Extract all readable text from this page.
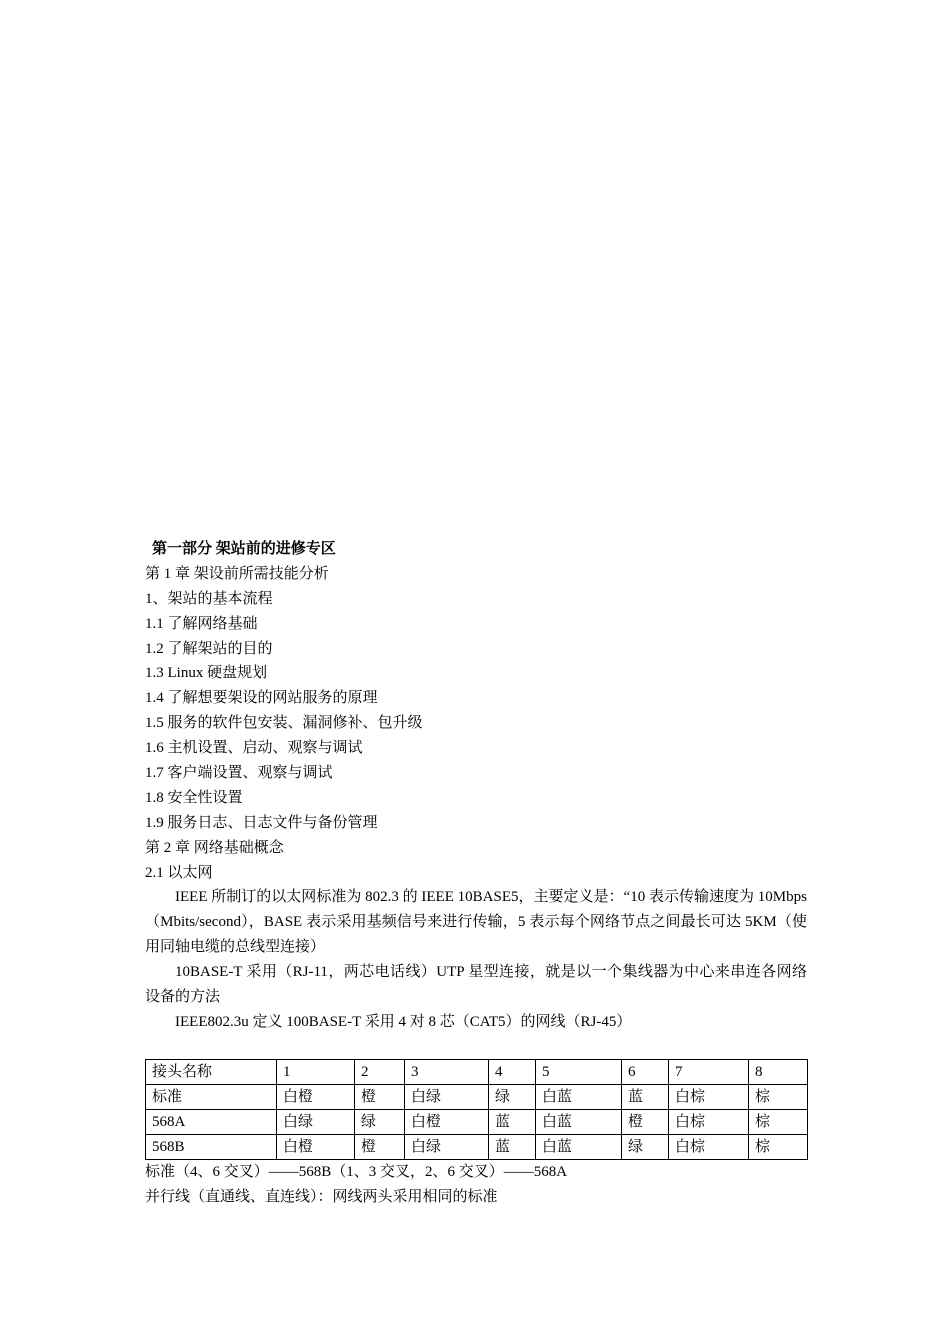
第一部分 架站前的进修专区
第 1 章 架设前所需技能分析
1、架站的基本流程
1.1 了解网络基础
1.2 了解架站的目的
1.3 Linux 硬盘规划
1.4 了解想要架设的网站服务的原理
1.5 服务的软件包安装、漏洞修补、包升级
1.6 主机设置、启动、观察与调试
1.7 客户端设置、观察与调试
1.8 安全性设置
1.9 服务日志、日志文件与备份管理
第 2 章 网络基础概念
2.1 以太网

IEEE 所制订的以太网标准为 802.3 的 IEEE 10BASE5，主要定义是：“10 表示传输速度为 10Mbps（Mbits/second），BASE 表示采用基频信号来进行传输，5 表示每个网络节点之间最长可达 5KM（使用同轴电缆的总线型连接）

10BASE-T 采用（RJ-11，两芯电话线）UTP 星型连接，就是以一个集线器为中心来串连各网络设备的方法

IEEE802.3u 定义 100BASE-T 采用 4 对 8 芯（CAT5）的网线（RJ-45）

接头名称	1	2	3	4	5	6	7	8
标准	白橙	橙	白绿	绿	白蓝	蓝	白棕	棕
568A	白绿	绿	白橙	蓝	白蓝	橙	白棕	棕
568B	白橙	橙	白绿	蓝	白蓝	绿	白棕	棕
标准（4、6 交叉）——568B（1、3 交叉，2、6 交叉）——568A
并行线（直通线、直连线）：网线两头采用相同的标准
